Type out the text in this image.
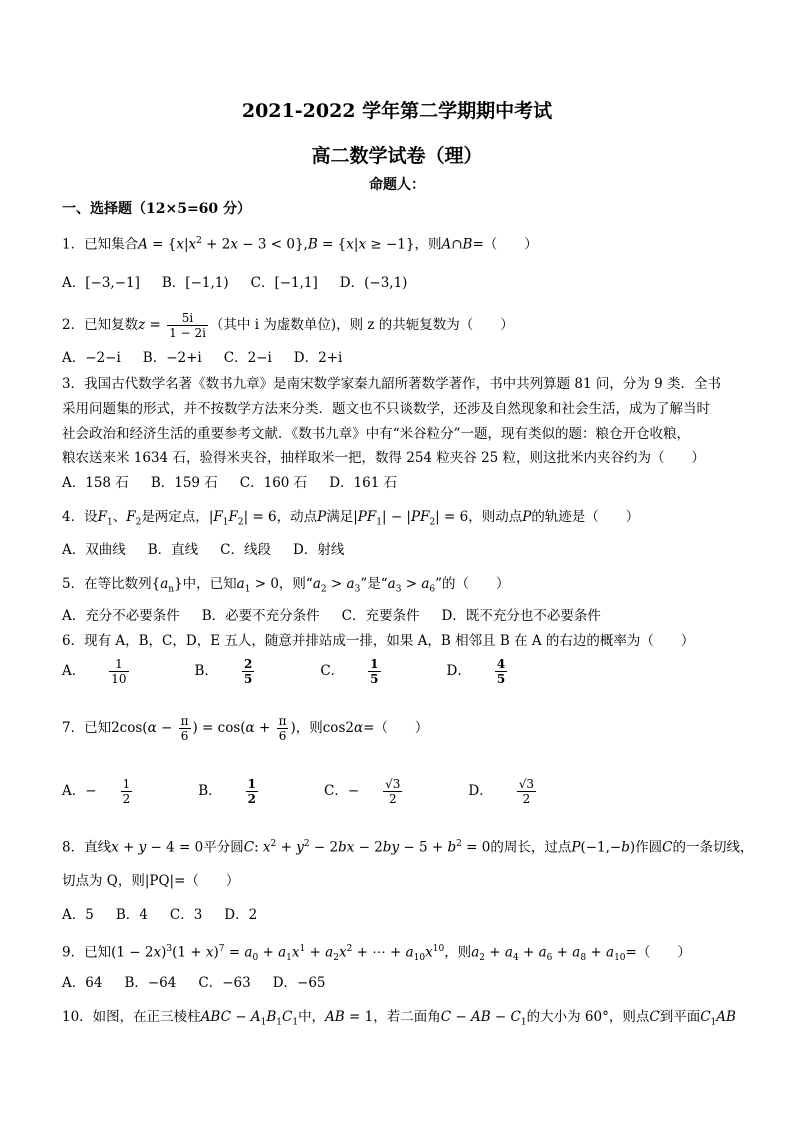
2021-2022 学年第二学期期中考试
高二数学试卷（理）
命题人：
一、选择题（12×5=60 分）
1．已知集合$A = \{x|x^2 + 2x - 3 < 0\},B = \{x|x \ge -1\}$，则A∩B=（　　）
A．[−3,−1] B．[−1,1) C．[−1,1] D．(−3,1)
2．已知复数$z = \frac{5i}{1 - 2i}$ （其中 i 为虚数单位)，则 z 的共轭复数为（　　）
A．−2−i B．−2+i C．2−i D．2+i
3．我国古代数学名著《数书九章》是南宋数学家秦九韶所著数学著作，书中共列算题 81 问，分为 9 类．全书
采用问题集的形式，并不按数学方法来分类．题文也不只谈数学，还涉及自然现象和社会生活，成为了解当时
社会政治和经济生活的重要参考文献．《数书九章》中有“米谷粒分”一题，现有类似的题：粮仓开仓收粮，
粮农送来米 1634 石，验得米夹谷，抽样取米一把，数得 254 粒夹谷 25 粒，则这批米内夹谷约为（　　）
A．158 石 B．159 石 C．160 石 D．161 石
4．设$F_1$、$F_2$是两定点，$|F_1F_2| = 6$，动点P满足$|PF_1| - |PF_2| = 6$，则动点P的轨迹是（　　）
A．双曲线 B．直线 C．线段 D．射线
5．在等比数列$\{a_n\}$中，已知$a_1 > 0$，则“$a_2 > a_3$”是“$a_3 > a_6$”的（　　）
A．充分不必要条件 B．必要不充分条件 C．充要条件 D．既不充分也不必要条件
6．现有 A，B，C，D，E 五人，随意并排站成一排，如果 A，B 相邻且 B 在 A 的右边的概率为（　　）
A． $\frac{1}{10}$	B． $\frac{2}{5}$	C． $\frac{1}{5}$	D． $\frac{4}{5}$
7．已知$2\cos(\alpha - \frac{\pi}{6}$ ) = $\cos(\alpha + \frac{\pi}{6}$ )，则cos2α=（　　）
A．− $\frac{1}{2}$	B． $\frac{1}{2}$	C．− $\frac{√3}{2}$	D． $\frac{√3}{2}$
8．直线x + y − 4 = 0平分圆C: $x^2 + y^2 - 2bx - 2by - 5 + b^2 = 0$的周长，过点P(−1,−b)作圆C的一条切线，
切点为 Q，则|PQ|=（　　）
A．5 B．4 C．3 D．2
9．已知$(1 - 2x)^3(1 + x)^7 = a_0 + a_1x^1 + a_2x^2$ + ⋯ + $a_{10}x^{10}$，则$a_2 + a_4 + a_6 + a_8 + a_{10}=$（　　）
A．64 B．−64 C．−63 D．−65
10．如图，在正三棱柱ABC − $A_1B_1C_1$中，AB = 1，若二面角C − AB − $C_1$的大小为 60°，则点C到平面$C_1AB$
